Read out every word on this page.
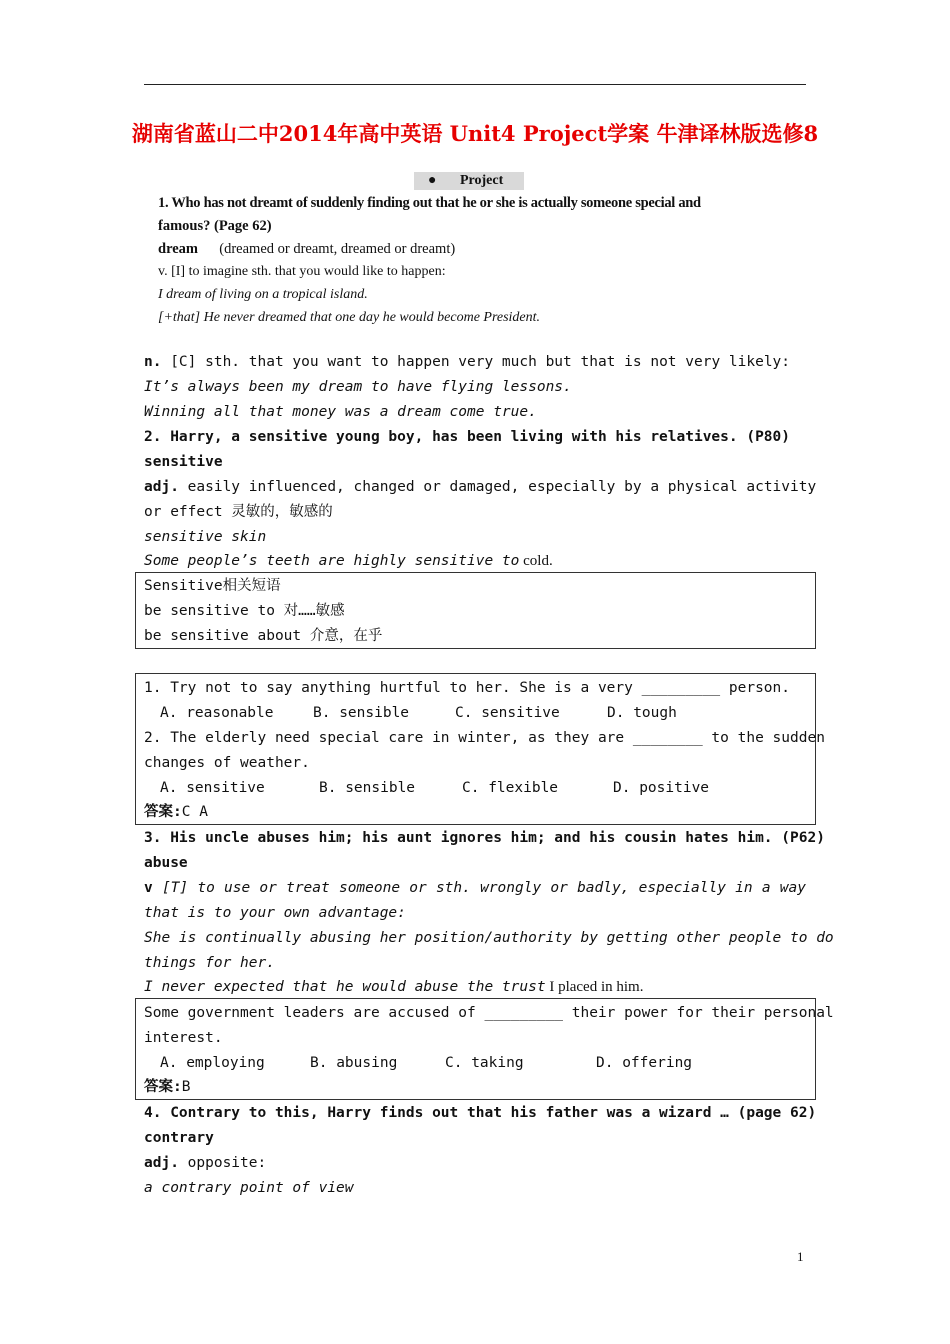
湖南省蓝山二中2014年高中英语 Unit4 Project学案 牛津译林版选修8
● Project
1. Who has not dreamt of suddenly finding out that he or she is actually someone special and
famous? (Page 62)
dream (dreamed or dreamt, dreamed or dreamt)
v. [I] to imagine sth. that you would like to happen:
I dream of living on a tropical island.
[+that] He never dreamed that one day he would become President.
n. [C] sth. that you want to happen very much but that is not very likely:
It’s always been my dream to have flying lessons.
Winning all that money was a dream come true.
2. Harry, a sensitive young boy, has been living with his relatives. (P80)
sensitive
adj. easily influenced, changed or damaged, especially by a physical activity
or effect 灵敏的，敏感的
sensitive skin
Some people’s teeth are highly sensitive to cold.
Sensitive相关短语
be sensitive to 对……敏感
be sensitive about 介意，在乎
1. Try not to say anything hurtful to her. She is a very _________ person.
A. reasonable	B. sensible	C. sensitive	D. tough
2. The elderly need special care in winter, as they are ________ to the sudden
changes of weather.
A. sensitive	B. sensible	C. flexible	D. positive
答案:C A
3. His uncle abuses him; his aunt ignores him; and his cousin hates him. (P62)
abuse
v [T] to use or treat someone or sth. wrongly or badly, especially in a way
that is to your own advantage:
She is continually abusing her position/authority by getting other people to do
things for her.
I never expected that he would abuse the trust I placed in him.
Some government leaders are accused of _________ their power for their personal
interest.
A. employing	B. abusing	C. taking	D. offering
答案:B
4. Contrary to this, Harry finds out that his father was a wizard … (page 62)
contrary
adj. opposite:
a contrary point of view
1
